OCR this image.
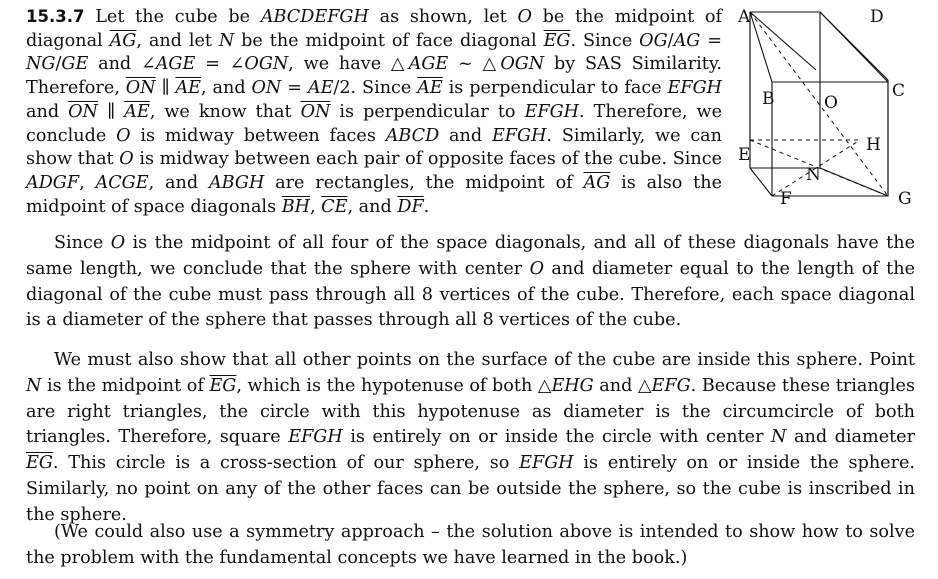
15.3.7 Let the cube be ABCDEFGH as shown, let O be the midpoint of diagonal $\overline{AG}$, and let N be the midpoint of face diagonal $\overline{EG}$. Since OG/AG = NG/GE and ∠AGE = ∠OGN, we have △AGE ~ △OGN by SAS Similarity. Therefore, $\overline{ON}$ ∥ $\overline{AE}$, and ON = AE/2. Since $\overline{AE}$ is perpendicular to face EFGH and $\overline{ON}$ ∥ $\overline{AE}$, we know that $\overline{ON}$ is perpendicular to EFGH. Therefore, we conclude O is midway between faces ABCD and EFGH. Similarly, we can show that O is midway between each pair of opposite faces of the cube. Since ADGF, ACGE, and ABGH are rectangles, the midpoint of $\overline{AG}$ is also the midpoint of space diagonals $\overline{BH}$, $\overline{CE}$, and $\overline{DF}$.
A	D
B	C
O
H
E
N
F	G
Since O is the midpoint of all four of the space diagonals, and all of these diagonals have the same length, we conclude that the sphere with center O and diameter equal to the length of the diagonal of the cube must pass through all 8 vertices of the cube. Therefore, each space diagonal is a diameter of the sphere that passes through all 8 vertices of the cube.
We must also show that all other points on the surface of the cube are inside this sphere. Point N is the midpoint of $\overline{EG}$, which is the hypotenuse of both △EHG and △EFG. Because these triangles are right triangles, the circle with this hypotenuse as diameter is the circumcircle of both triangles. Therefore, square EFGH is entirely on or inside the circle with center N and diameter $\overline{EG}$. This circle is a cross-section of our sphere, so EFGH is entirely on or inside the sphere. Similarly, no point on any of the other faces can be outside the sphere, so the cube is inscribed in the sphere.
(We could also use a symmetry approach – the solution above is intended to show how to solve the problem with the fundamental concepts we have learned in the book.)
